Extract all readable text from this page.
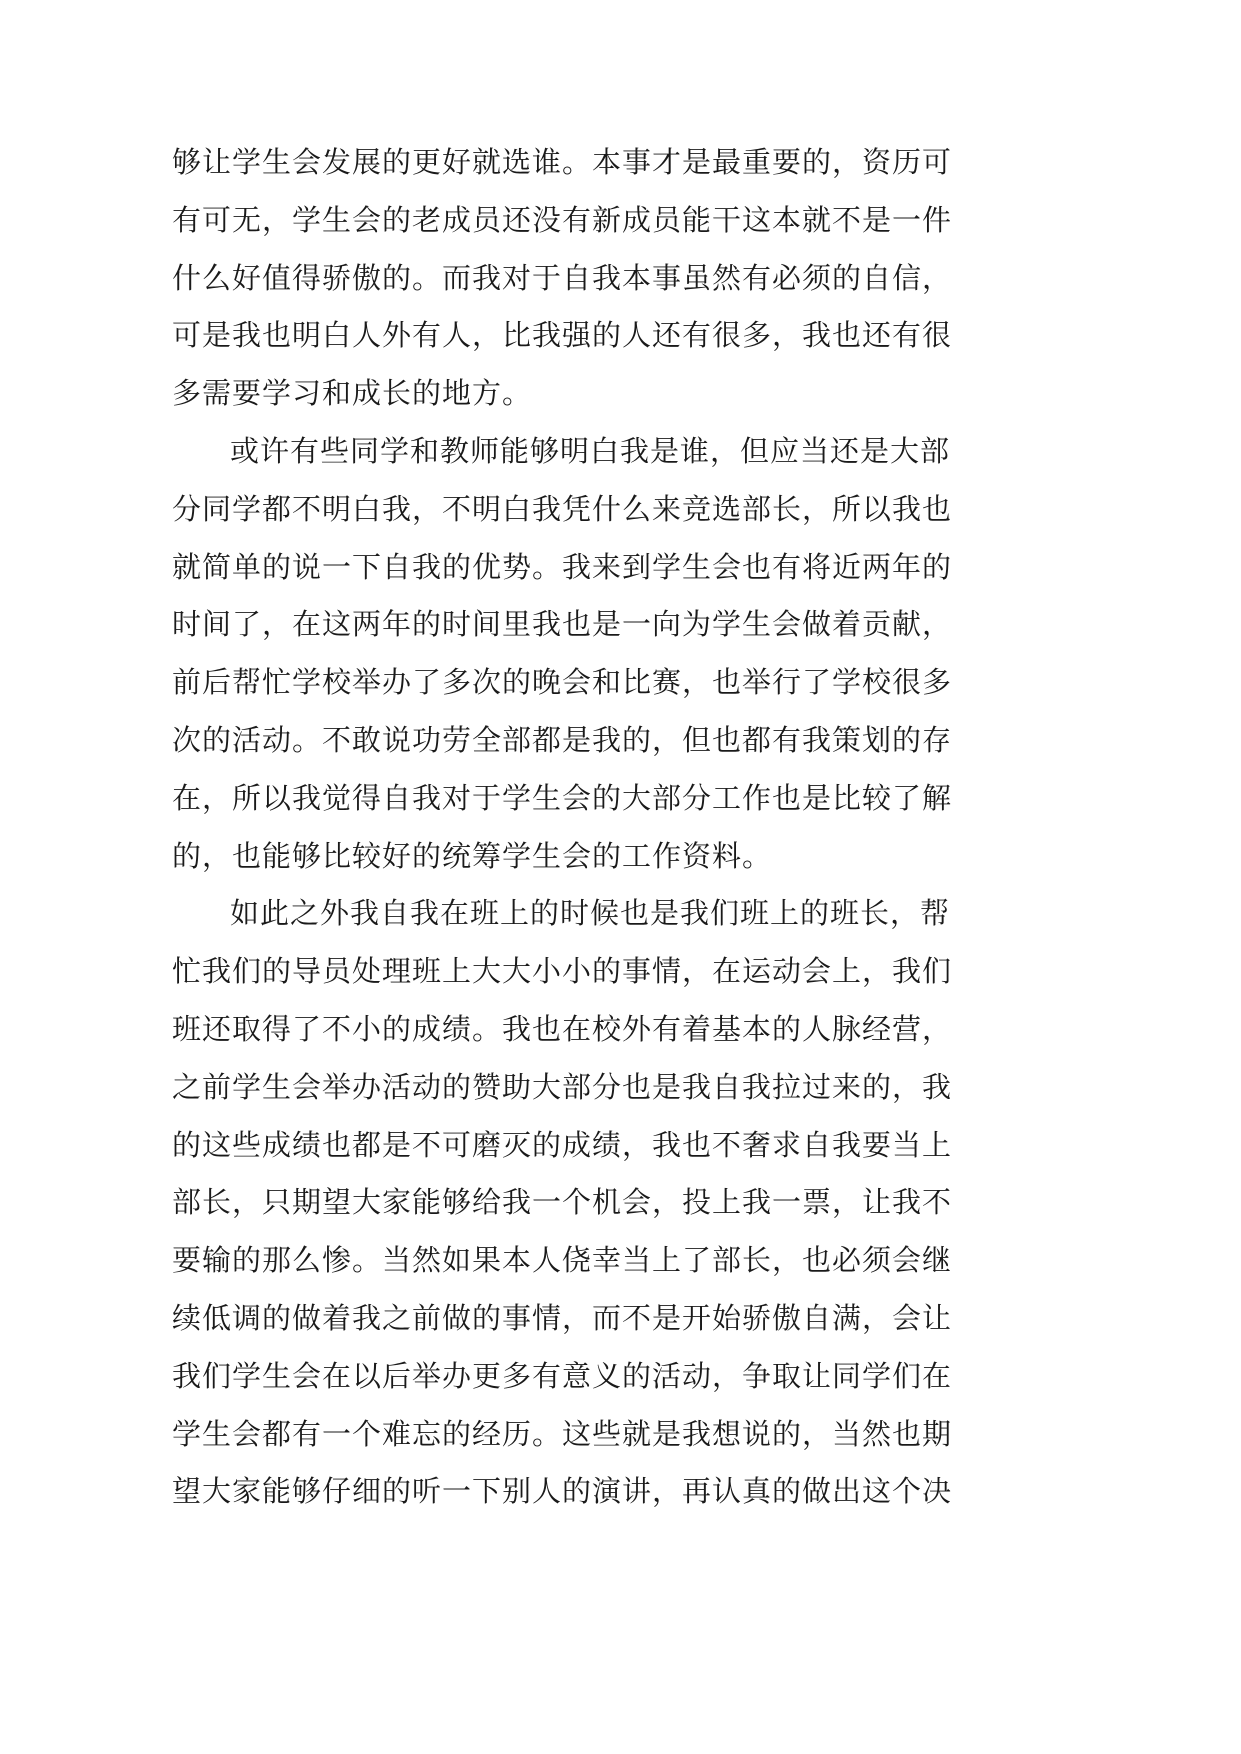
够让学生会发展的更好就选谁。本事才是最重要的，资历可
有可无，学生会的老成员还没有新成员能干这本就不是一件
什么好值得骄傲的。而我对于自我本事虽然有必须的自信，
可是我也明白人外有人，比我强的人还有很多，我也还有很
多需要学习和成长的地方。
或许有些同学和教师能够明白我是谁，但应当还是大部
分同学都不明白我，不明白我凭什么来竞选部长，所以我也
就简单的说一下自我的优势。我来到学生会也有将近两年的
时间了，在这两年的时间里我也是一向为学生会做着贡献，
前后帮忙学校举办了多次的晚会和比赛，也举行了学校很多
次的活动。不敢说功劳全部都是我的，但也都有我策划的存
在，所以我觉得自我对于学生会的大部分工作也是比较了解
的，也能够比较好的统筹学生会的工作资料。
如此之外我自我在班上的时候也是我们班上的班长，帮
忙我们的导员处理班上大大小小的事情，在运动会上，我们
班还取得了不小的成绩。我也在校外有着基本的人脉经营，
之前学生会举办活动的赞助大部分也是我自我拉过来的，我
的这些成绩也都是不可磨灭的成绩，我也不奢求自我要当上
部长，只期望大家能够给我一个机会，投上我一票，让我不
要输的那么惨。当然如果本人侥幸当上了部长，也必须会继
续低调的做着我之前做的事情，而不是开始骄傲自满，会让
我们学生会在以后举办更多有意义的活动，争取让同学们在
学生会都有一个难忘的经历。这些就是我想说的，当然也期
望大家能够仔细的听一下别人的演讲，再认真的做出这个决
